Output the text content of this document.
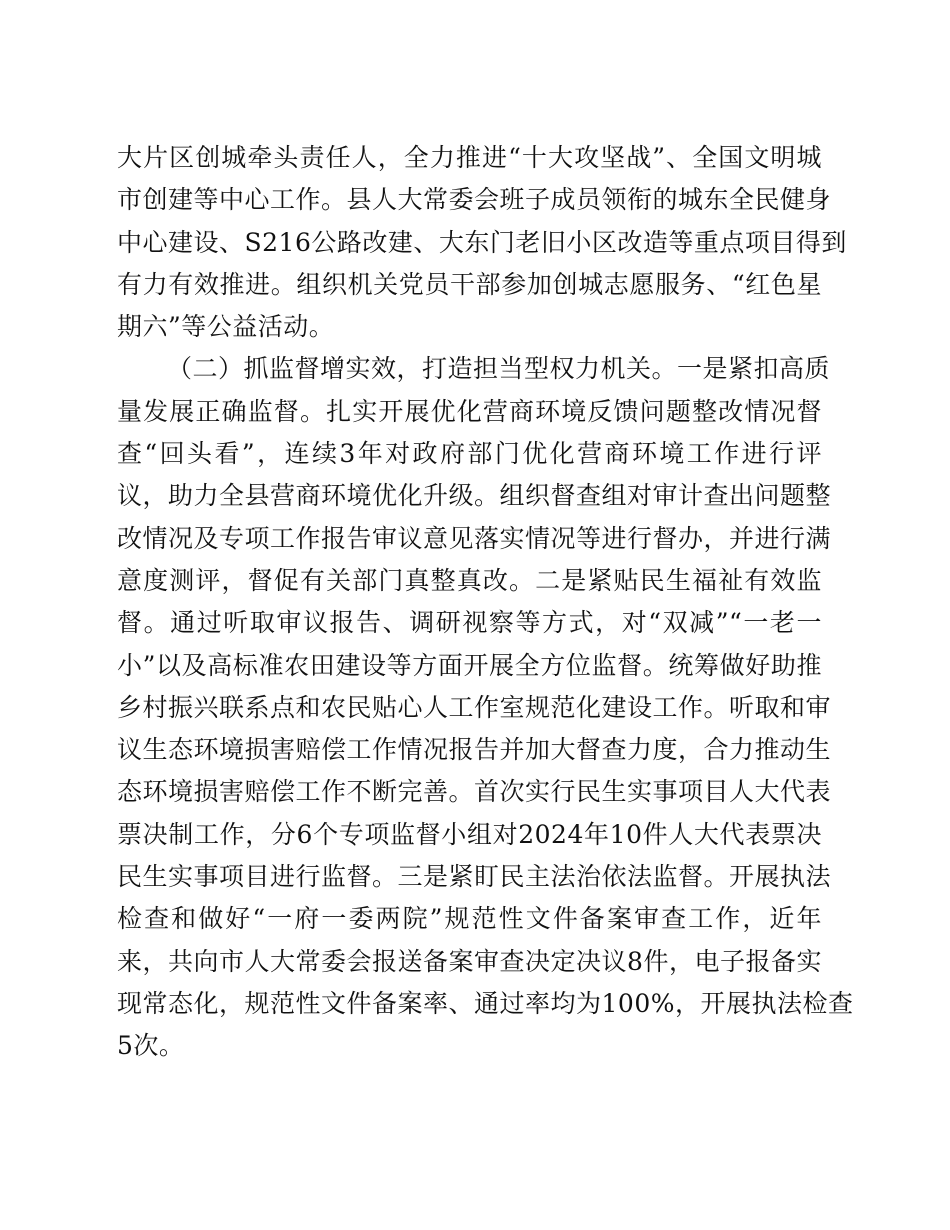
大片区创城牵头责任人，全力推进“十大攻坚战”、全国文明城
市创建等中心工作。县人大常委会班子成员领衔的城东全民健身
中心建设、S216公路改建、大东门老旧小区改造等重点项目得到
有力有效推进。组织机关党员干部参加创城志愿服务、“红色星
期六”等公益活动。
（二）抓监督增实效，打造担当型权力机关。一是紧扣高质
量发展正确监督。扎实开展优化营商环境反馈问题整改情况督
查“回头看”，连续3年对政府部门优化营商环境工作进行评
议，助力全县营商环境优化升级。组织督查组对审计查出问题整
改情况及专项工作报告审议意见落实情况等进行督办，并进行满
意度测评，督促有关部门真整真改。二是紧贴民生福祉有效监
督。通过听取审议报告、调研视察等方式，对“双减”“一老一
小”以及高标准农田建设等方面开展全方位监督。统筹做好助推
乡村振兴联系点和农民贴心人工作室规范化建设工作。听取和审
议生态环境损害赔偿工作情况报告并加大督查力度，合力推动生
态环境损害赔偿工作不断完善。首次实行民生实事项目人大代表
票决制工作，分6个专项监督小组对2024年10件人大代表票决
民生实事项目进行监督。三是紧盯民主法治依法监督。开展执法
检查和做好“一府一委两院”规范性文件备案审查工作，近年
来，共向市人大常委会报送备案审查决定决议8件，电子报备实
现常态化，规范性文件备案率、通过率均为100%，开展执法检查
5次。
